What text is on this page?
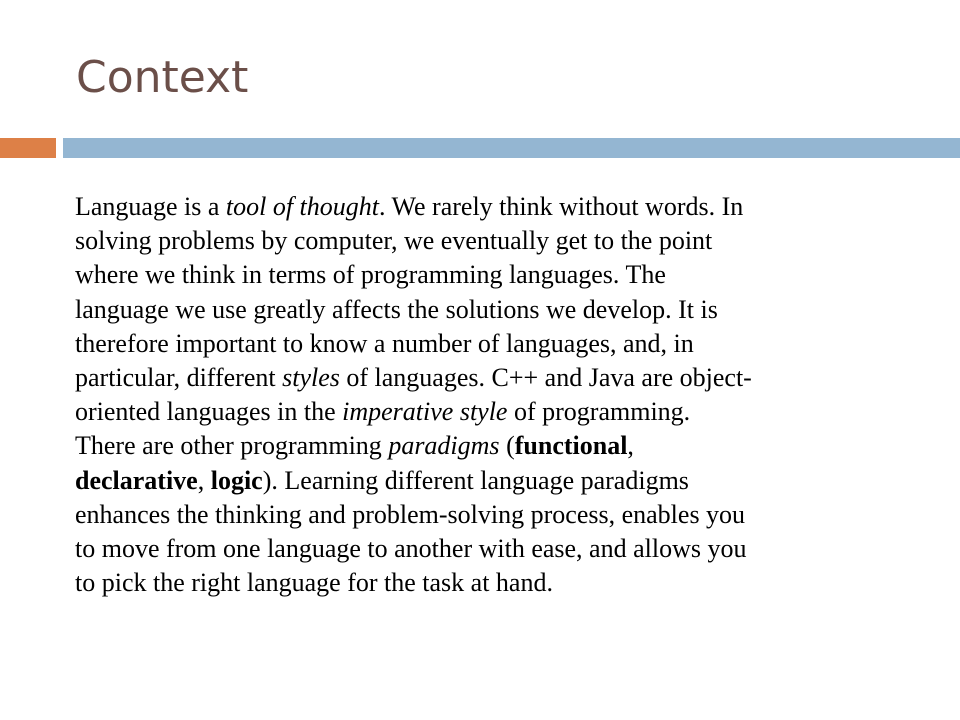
Context
Language is a tool of thought. We rarely think without words. In
solving problems by computer, we eventually get to the point
where we think in terms of programming languages. The
language we use greatly affects the solutions we develop. It is
therefore important to know a number of languages, and, in
particular, different styles of languages. C++ and Java are object-
oriented languages in the imperative style of programming.
There are other programming paradigms (functional,
declarative, logic). Learning different language paradigms
enhances the thinking and problem-solving process, enables you
to move from one language to another with ease, and allows you
to pick the right language for the task at hand.
